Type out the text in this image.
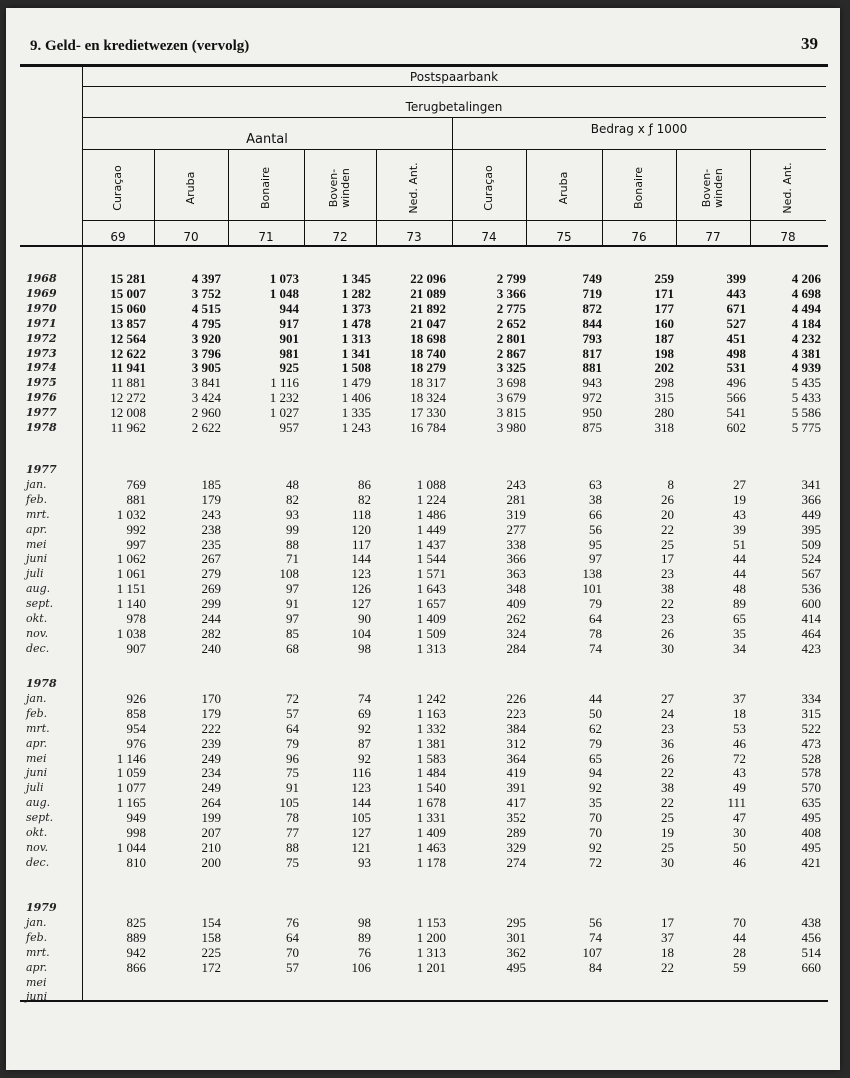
9. Geld- en kredietwezen (vervolg)	39
Postspaarbank
Terugbetalingen
Aantal
Bedrag x ƒ 1000
Curaçao
69
Aruba
70
Bonaire
71
Boven-
winden
72
Ned. Ant.
73
Curaçao
74
Aruba
75
Bonaire
76
Boven-
winden
77
Ned. Ant.
78
1968	15 281	4 397	1 073	1 345	22 096	2 799	749	259	399	4 206
1969	15 007	3 752	1 048	1 282	21 089	3 366	719	171	443	4 698
1970	15 060	4 515	944	1 373	21 892	2 775	872	177	671	4 494
1971	13 857	4 795	917	1 478	21 047	2 652	844	160	527	4 184
1972	12 564	3 920	901	1 313	18 698	2 801	793	187	451	4 232
1973	12 622	3 796	981	1 341	18 740	2 867	817	198	498	4 381
1974	11 941	3 905	925	1 508	18 279	3 325	881	202	531	4 939
1975	11 881	3 841	1 116	1 479	18 317	3 698	943	298	496	5 435
1976	12 272	3 424	1 232	1 406	18 324	3 679	972	315	566	5 433
1977	12 008	2 960	1 027	1 335	17 330	3 815	950	280	541	5 586
1978	11 962	2 622	957	1 243	16 784	3 980	875	318	602	5 775
1977
jan.	769	185	48	86	1 088	243	63	8	27	341
feb.	881	179	82	82	1 224	281	38	26	19	366
mrt.	1 032	243	93	118	1 486	319	66	20	43	449
apr.	992	238	99	120	1 449	277	56	22	39	395
mei	997	235	88	117	1 437	338	95	25	51	509
juni	1 062	267	71	144	1 544	366	97	17	44	524
juli	1 061	279	108	123	1 571	363	138	23	44	567
aug.	1 151	269	97	126	1 643	348	101	38	48	536
sept.	1 140	299	91	127	1 657	409	79	22	89	600
okt.	978	244	97	90	1 409	262	64	23	65	414
nov.	1 038	282	85	104	1 509	324	78	26	35	464
dec.	907	240	68	98	1 313	284	74	30	34	423
1978
jan.	926	170	72	74	1 242	226	44	27	37	334
feb.	858	179	57	69	1 163	223	50	24	18	315
mrt.	954	222	64	92	1 332	384	62	23	53	522
apr.	976	239	79	87	1 381	312	79	36	46	473
mei	1 146	249	96	92	1 583	364	65	26	72	528
juni	1 059	234	75	116	1 484	419	94	22	43	578
juli	1 077	249	91	123	1 540	391	92	38	49	570
aug.	1 165	264	105	144	1 678	417	35	22	111	635
sept.	949	199	78	105	1 331	352	70	25	47	495
okt.	998	207	77	127	1 409	289	70	19	30	408
nov.	1 044	210	88	121	1 463	329	92	25	50	495
dec.	810	200	75	93	1 178	274	72	30	46	421
1979
jan.	825	154	76	98	1 153	295	56	17	70	438
feb.	889	158	64	89	1 200	301	74	37	44	456
mrt.	942	225	70	76	1 313	362	107	18	28	514
apr.	866	172	57	106	1 201	495	84	22	59	660
mei
juni
